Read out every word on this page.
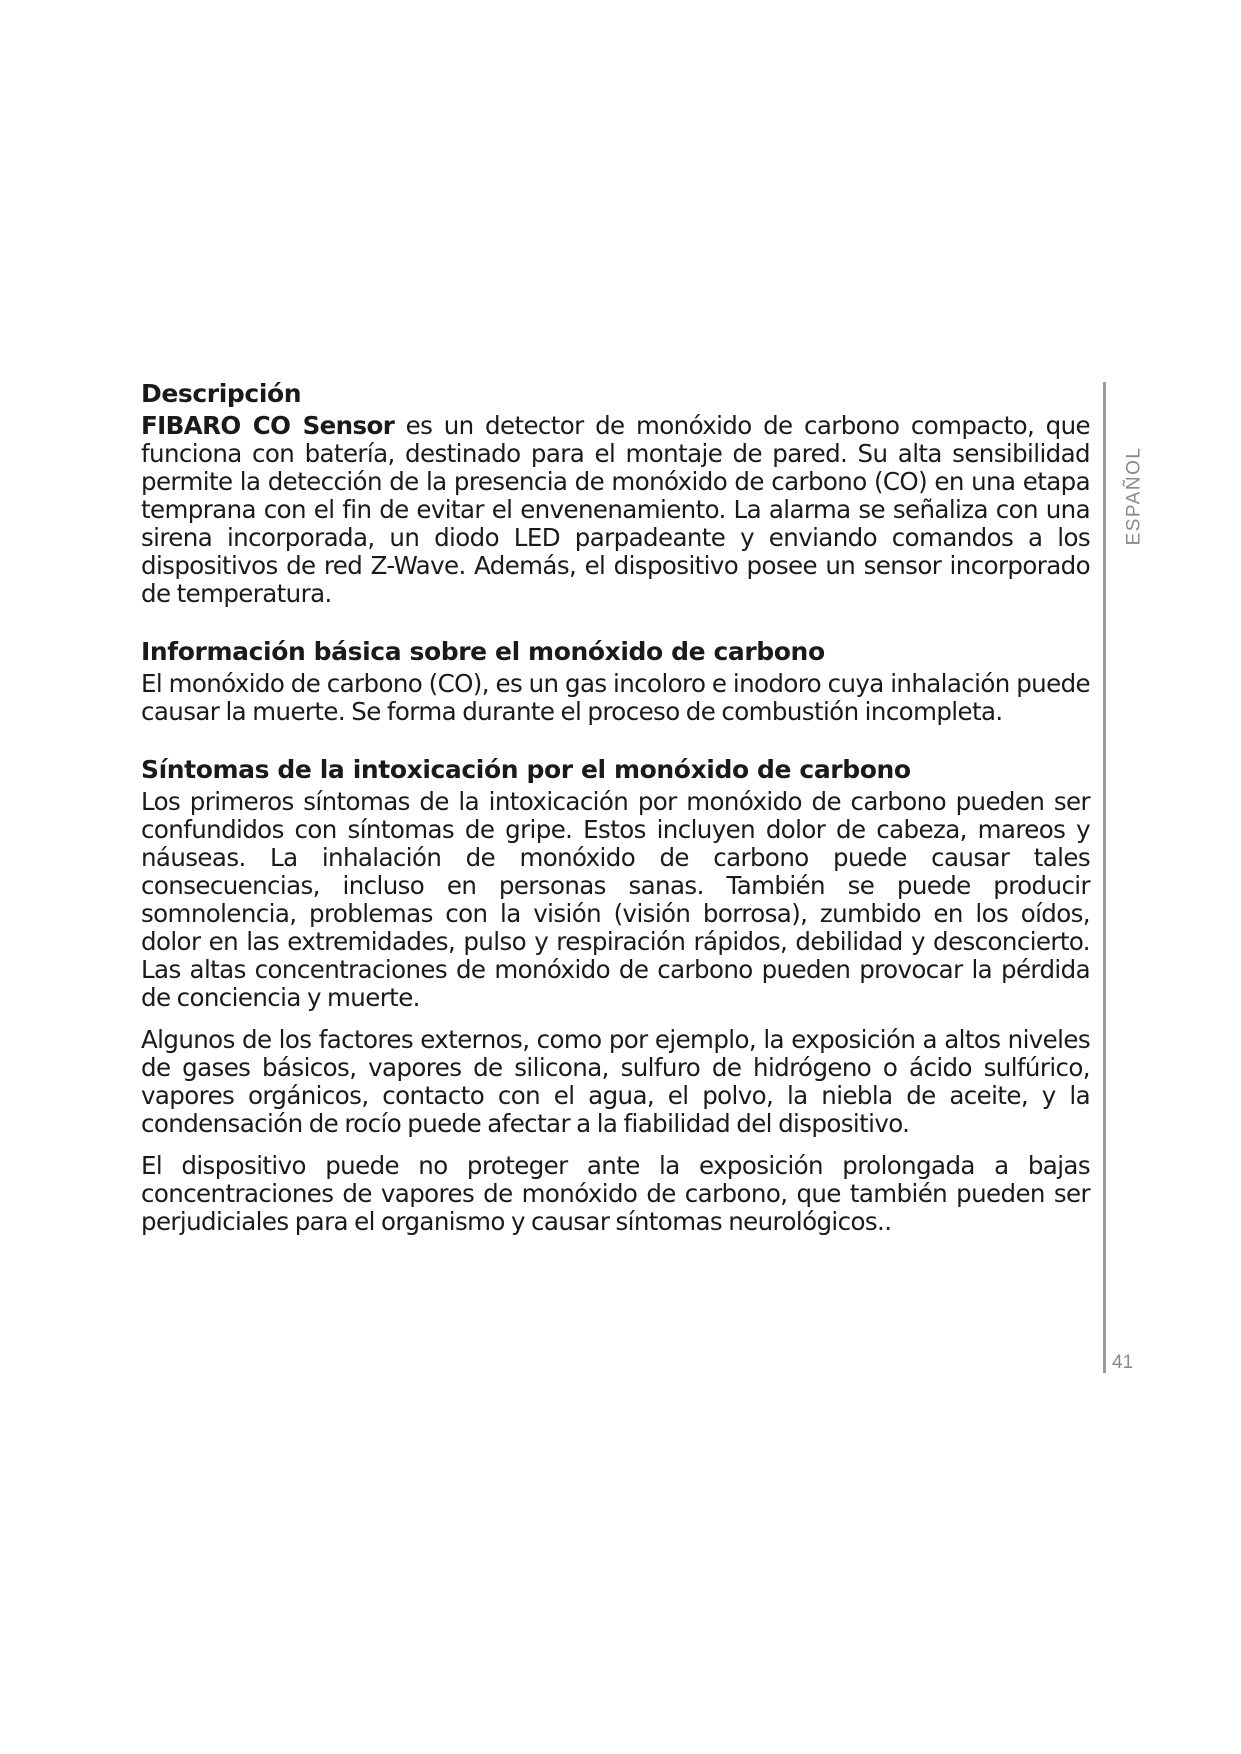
Descripción

FIBARO CO Sensor es un detector de monóxido de carbono compacto, que funciona con batería, destinado para el montaje de pared. Su alta sensibilidad permite la detección de la presencia de monóxido de carbono (CO) en una etapa temprana con el fin de evitar el envenenamiento. La alarma se señaliza con una sirena incorporada, un diodo LED parpadeante y enviando comandos a los dispositivos de red Z-Wave. Además, el dispositivo posee un sensor incorporado de temperatura.

Información básica sobre el monóxido de carbono

El monóxido de carbono (CO), es un gas incoloro e inodoro cuya inhalación puede causar la muerte. Se forma durante el proceso de combustión incompleta.

Síntomas de la intoxicación por el monóxido de carbono

Los primeros síntomas de la intoxicación por monóxido de carbono pueden ser confundidos con síntomas de gripe. Estos incluyen dolor de cabeza, mareos y náuseas. La inhalación de monóxido de carbono puede causar tales consecuencias, incluso en personas sanas. También se puede producir somnolencia, problemas con la visión (visión borrosa), zumbido en los oídos, dolor en las extremidades, pulso y respiración rápidos, debilidad y desconcierto. Las altas concentraciones de monóxido de carbono pueden provocar la pérdida de conciencia y muerte.

Algunos de los factores externos, como por ejemplo, la exposición a altos niveles de gases básicos, vapores de silicona, sulfuro de hidrógeno o ácido sulfúrico, vapores orgánicos, contacto con el agua, el polvo, la niebla de aceite, y la condensación de rocío puede afectar a la fiabilidad del dispositivo.

El dispositivo puede no proteger ante la exposición prolongada a bajas concentraciones de vapores de monóxido de carbono, que también pueden ser perjudiciales para el organismo y causar síntomas neurológicos..

ESPAÑOL
41
